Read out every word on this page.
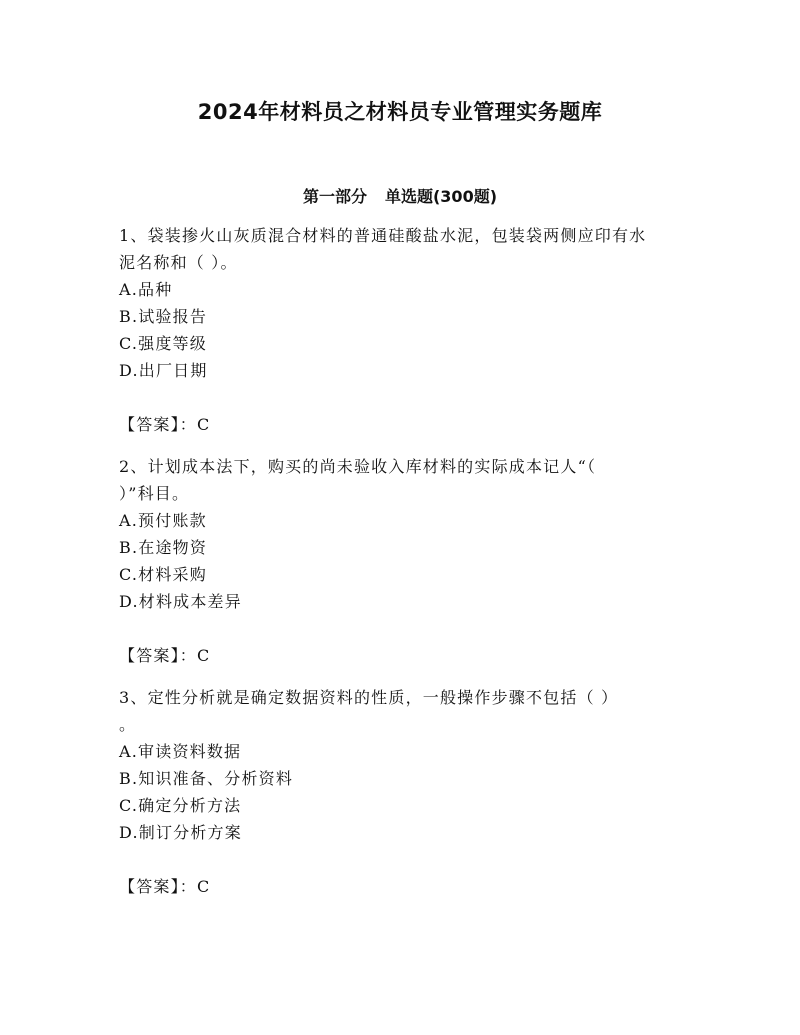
2024年材料员之材料员专业管理实务题库
第一部分 单选题(300题)

1、袋装掺火山灰质混合材料的普通硅酸盐水泥，包装袋两侧应印有水

泥名称和（ ）。

A.品种

B.试验报告

C.强度等级

D.出厂日期

【答案】：C

2、计划成本法下，购买的尚未验收入库材料的实际成本记人“（

）”科目。

A.预付账款

B.在途物资

C.材料采购

D.材料成本差异

【答案】：C

3、定性分析就是确定数据资料的性质，一般操作步骤不包括（ ）

。

A.审读资料数据

B.知识准备、分析资料

C.确定分析方法

D.制订分析方案

【答案】：C
